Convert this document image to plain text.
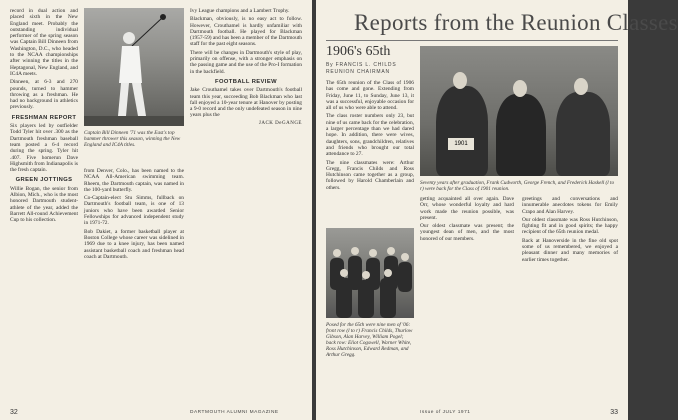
record in dual action and placed sixth in the New England meet. Probably the outstanding individual performer of the spring season was Captain Bill Dinneen from Washington, D.C., who headed to the NCAA championships after winning the titles in the Heptagonal, New England, and IC4A meets.

Dinneen, at 6-3 and 270 pounds, turned to hammer throwing as a freshman. He had no background in athletics previously.

FRESHMAN REPORT

Six players led by outfielder Todd Tyler hit over .300 as the Dartmouth freshman baseball team posted a 6-4 record during the spring. Tyler hit .407. Five homerun Dave Highsmith from Indianapolis is the fresh captain.

GREEN JOTTINGS

Willie Bogan, the senior from Albion, Mich., who is the most honored Dartmouth student-athlete of the year, added the Barrett All-round Achievement Cup to his collection.

Captain Bill Dinneen '71 was the East's top hammer thrower this season, winning the New England and IC4A titles.

from Denver, Colo., has been named to the NCAA All-American swimming team. Rheem, the Dartmouth captain, was named in the 100-yard butterfly.

Co-Captain-elect Stu Simms, fullback on Dartmouth's football team, is one of 13 juniors who have been awarded Senior Fellowships for advanced independent study in 1971-72.

Bob Dakiet, a former basketball player at Boston College whose career was sidelined in 1969 due to a knee injury, has been named assistant basketball coach and freshman head coach at Dartmouth.

Ivy League champions and a Lambert Trophy.

Blackman, obviously, is no easy act to follow. However, Crouthamel is hardly unfamiliar with Dartmouth football. He played for Blackman (1957-59) and has been a member of the Dartmouth staff for the past eight seasons.

There will be changes in Dartmouth's style of play, primarily on offense, with a stronger emphasis on the passing game and the use of the Pro-I formation in the backfield.

FOOTBALL REVIEW

Jake Crouthamel takes over Dartmouth's football team this year, succeeding Bob Blackman who last fall enjoyed a 10-year tenure at Hanover by posting a 9-0 record and the only undefeated season in nine years plus the

JACK DeGANGE

32	DARTMOUTH ALUMNI MAGAZINE
Reports from the Reunion Classes
1906's 65th
By FRANCIS L. CHILDS
REUNION CHAIRMAN

The 65th reunion of the Class of 1906 has come and gone. Extending from Friday, June 11, to Sunday, June 13, it was a successful, enjoyable occasion for all of us who were able to attend.

The class roster numbers only 23, but nine of us came back for the celebration, a larger percentage than we had dared hope. In addition, there were wives, daughters, sons, grandchildren, relatives and friends who brought our total attendance to 27.

The nine classmates were: Arthur Gregg, Francis Childs and Ross Hutchinson came together as a group, followed by Harold Chamberlain and others.

1901
Seventy years after graduation, Frank Cudworth, George French, and Frederick Haskell (l to r) were back for the Class of 1901 reunion.

getting acquainted all over again. Dave Orr, whose wonderful loyalty and hard work made the reunion possible, was present.

Our oldest classmate was present; the youngest dean of men, and the most honored of our members.

greetings and conversations and innumerable anecdotes tokens for Emily Crapo and Alan Harvey.

Our oldest classmate was Ross Hutchinson, fighting fit and in good spirits; the happy recipient of the 65th reunion medal.

Back at Hanoverside in the fine old spot some of us remembered, we enjoyed a pleasant dinner and many memories of earlier times together.

Posed for the 65th were nine men of '06: front row (l to r) Francis Childs, Thurlow Gibson, Alan Harvey, William Pogel; back row: Eliot Cogswell, Warner White, Ross Hutchinson, Edward Redman, and Arthur Gregg.
Issue of JULY 1971	33
